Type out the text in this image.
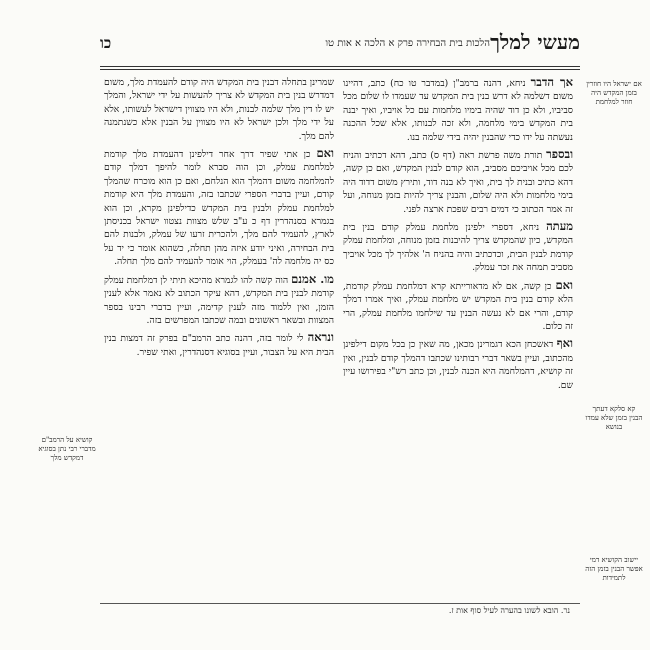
כו	הלכות בית הבחירה פרק א הלכה א אות טו מעשי למלך
אם ישראל היו חוזרין בזמן המקדש היה חוזר למלחמת
קא סלקא דעתך הבנין בזמן שלא עמדו בנושא
יישוב הקושיא דמי אפשר הבנין בזמן הזה לתמידות
קושיא על הרמב"ם מדברי רבי נתן בסוגיא דמקדש מלך

אך הדבר ניחא, דהנה ברמב"ן (במדבר טו כח) כתב, דהיינו משום דשלמה לא דרש בנין בית המקדש עד שעמדו לו שלום מכל סביביו, ולא כן דוד שהיה בימיו מלחמות עם כל אויביו, ואיך יבנה בית המקדש בימי מלחמה, ולא זכה לבנותו, אלא שכל ההכנה נעשתה על ידו כדי שהבנין יהיה בידי שלמה בנו.

ובספר תורת משה פרשת ראה (דף ס) כתב, דהא דכתיב והניח לכם מכל אויביכם מסביב, הוא קודם לבנין המקדש, ואם כן קשה, דהא כתיב ובנית לך בית, ואיך לא בנה דוד, ותירץ משום דדוד היה בימי מלחמות ולא היה שלום, והבנין צריך להיות בזמן מנוחה, ועל זה אמר הכתוב כי דמים רבים שפכת ארצה לפני.

מעתה ניחא, דספרי ילפינן מלחמת עמלק קודם בנין בית המקדש, כיון שהמקדש צריך להיבנות בזמן מנוחה, ומלחמת עמלק קודמת לבנין הבית, וכדכתיב והיה בהניח ה' אלהיך לך מכל אויביך מסביב תמחה את זכר עמלק.

ואם כן קשה, אם לא מדאורייתא קרא דמלחמת עמלק קודמת, הלא קודם בנין בית המקדש יש מלחמת עמלק, ואיך אמרו דמלך קודם, והרי אם לא נעשה הבנין עד שילחמו מלחמת עמלק, הרי זה כלום.

ואף דאשכחן הכא דגמרינן מכאן, מה שאין כן בכל מקום דילפינן מהכתוב, ועיין בשאר דברי רבותינו שכתבו דהמלך קודם לבנין, ואין זה קושיא, דהמלחמה היא הכנה לבנין, וכן כתב רש"י בפירושו עיין שם.

שמרינן בתחלה דבנין בית המקדש היה קודם להעמדת מלך, משום דמדרש בנין בית המקדש לא צריך להעשות על ידי ישראל, והמלך יש לו דין מלך שלמה לבנות, ולא היו מצווין דישראל לעשותו, אלא על ידי מלך ולכן ישראל לא היו מצווין על הבנין אלא כשנתמנה להם מלך.

ואם כן אתי שפיר דרך אחר דילפינן דהעמדת מלך קודמת למלחמת עמלק, וכן הוה סברא לומר להיפך דמלך קודם להמלחמה משום דהמלך הוא הנלחם, ואם כן הוא מוכרח שהמלך קודם, ועיין בדברי הספרי שכתבו בזה, והעמדת מלך היא קודמת למלחמת עמלק ולבנין בית המקדש כדילפינן מקרא, וכן הוא בגמרא בסנהדרין דף כ ע"ב שלש מצוות נצטוו ישראל בכניסתן לארץ, להעמיד להם מלך, ולהכרית זרעו של עמלק, ולבנות להם בית הבחירה, ואיני יודע איזה מהן תחלה, כשהוא אומר כי יד על כס יה מלחמה לה' בעמלק, הוי אומר להעמיד להם מלך תחלה.

מו. אמנם הוה קשה להו לגמרא מהיכא תיתי לן דמלחמת עמלק קודמת לבנין בית המקדש, דהא עיקר הכתוב לא נאמר אלא לענין הזמן, ואין ללמוד מזה לענין קדימה, ועיין בדברי רבינו בספר המצוות ובשאר ראשונים ובמה שכתבו המפרשים בזה.

ונראה לי לומר בזה, דהנה כתב הרמב"ם בפרק זה דמצות בנין הבית היא על הצבור, ועיין בסוגיא דסנהדרין, ואתי שפיר.

נר. הובא לשונו בהערה לעיל סוף אות ז.
